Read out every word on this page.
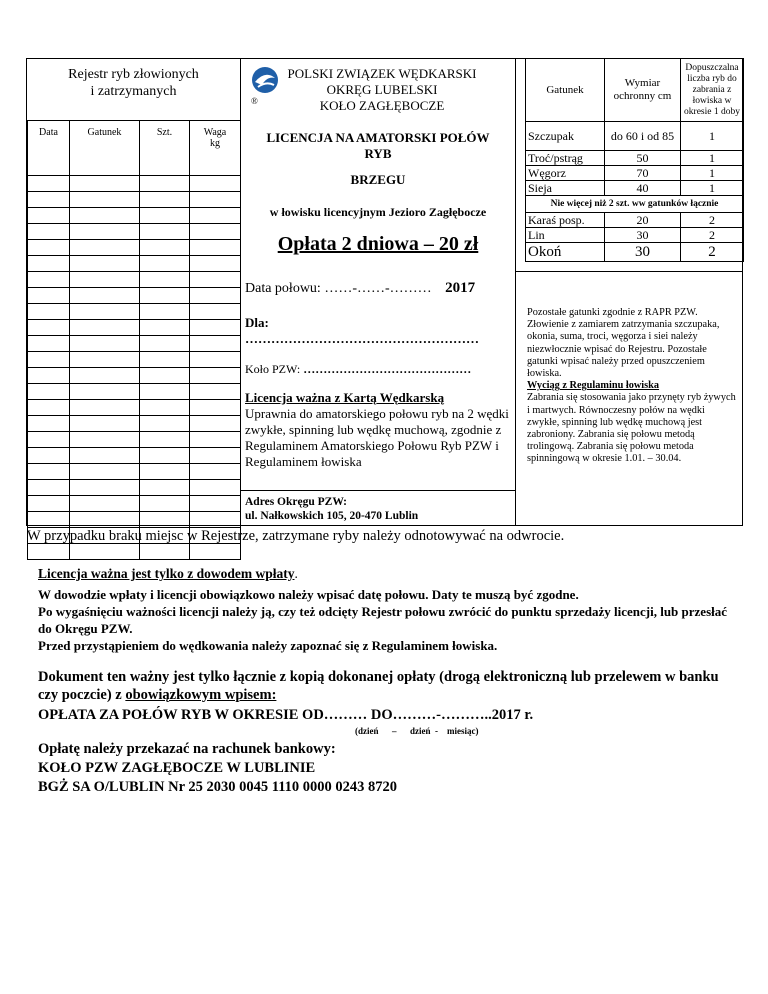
Rejestr ryb złowionych
i zatrzymanych
Data	Gatunek	Szt.	Waga
kg

®
POLSKI ZWIĄZEK WĘDKARSKI
OKRĘG LUBELSKI
KOŁO ZAGŁĘBOCZE
LICENCJA NA AMATORSKI POŁÓW
RYB
BRZEGU
w łowisku licencyjnym Jezioro Zagłębocze
Opłata 2 dniowa – 20 zł
Data połowu: ……-……-……… 2017
Dla:
………………………………………………
Koło PZW: ……………………………………
Licencja ważna z Kartą Wędkarską
Uprawnia do amatorskiego połowu ryb na 2 wędki zwykłe, spinning lub wędkę muchową, zgodnie z Regulaminem Amatorskiego Połowu Ryb PZW i Regulaminem łowiska
Adres Okręgu PZW:
ul. Nałkowskich 105, 20-470 Lublin
Gatunek	Wymiar ochronny cm	Dopuszczalna liczba ryb do zabrania z łowiska w okresie 1 doby
Szczupak	do 60 i od 85	1
Troć/pstrąg	50	1
Węgorz	70	1
Sieja	40	1
Nie więcej niż 2 szt. ww gatunków łącznie		
Karaś posp.	20	2
Lin	30	2
Okoń	30	2
Pozostałe gatunki zgodnie z RAPR PZW. Złowienie z zamiarem zatrzymania szczupaka, okonia, suma, troci, węgorza i siei należy niezwłocznie wpisać do Rejestru. Pozostałe gatunki wpisać należy przed opuszczeniem łowiska.
Wyciąg z Regulaminu łowiska
Zabrania się stosowania jako przynęty ryb żywych i martwych. Równoczesny połów na wędki zwykłe, spinning lub wędkę muchową jest zabroniony. Zabrania się połowu metodą trolingową. Zabrania się połowu metoda spinningową w okresie 1.01. – 30.04.
W przypadku braku miejsc w Rejestrze, zatrzymane ryby należy odnotowywać na odwrocie.
Licencja ważna jest tylko z dowodem wpłaty.
W dowodzie wpłaty i licencji obowiązkowo należy wpisać datę połowu. Daty te muszą być zgodne.
Po wygaśnięciu ważności licencji należy ją, czy też odcięty Rejestr połowu zwrócić do punktu sprzedaży licencji, lub przesłać do Okręgu PZW.
Przed przystąpieniem do wędkowania należy zapoznać się z Regulaminem łowiska.
Dokument ten ważny jest tylko łącznie z kopią dokonanej opłaty (drogą elektroniczną lub przelewem w banku czy poczcie) z obowiązkowym wpisem:
OPŁATA ZA POŁÓW RYB W OKRESIE OD……… DO………-………..2017 r.
(dzień      –      dzień  -    miesiąc)
Opłatę należy przekazać na rachunek bankowy:
KOŁO PZW ZAGŁĘBOCZE W LUBLINIE
BGŻ SA O/LUBLIN Nr 25 2030 0045 1110 0000 0243 8720
